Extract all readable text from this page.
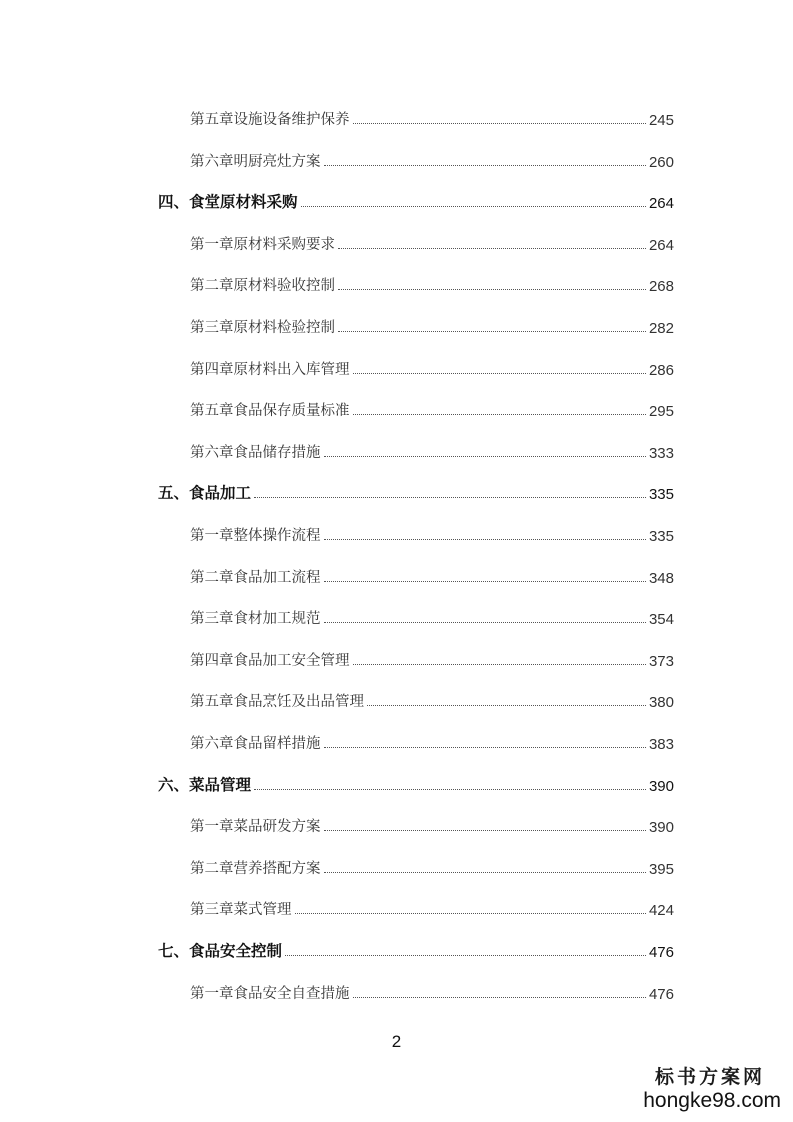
第五章设施设备维护保养	245
第六章明厨亮灶方案	260
四、食堂原材料采购	264
第一章原材料采购要求	264
第二章原材料验收控制	268
第三章原材料检验控制	282
第四章原材料出入库管理	286
第五章食品保存质量标准	295
第六章食品储存措施	333
五、食品加工	335
第一章整体操作流程	335
第二章食品加工流程	348
第三章食材加工规范	354
第四章食品加工安全管理	373
第五章食品烹饪及出品管理	380
第六章食品留样措施	383
六、菜品管理	390
第一章菜品研发方案	390
第二章营养搭配方案	395
第三章菜式管理	424
七、食品安全控制	476
第一章食品安全自查措施	476
2
标书方案网
hongke98.com
